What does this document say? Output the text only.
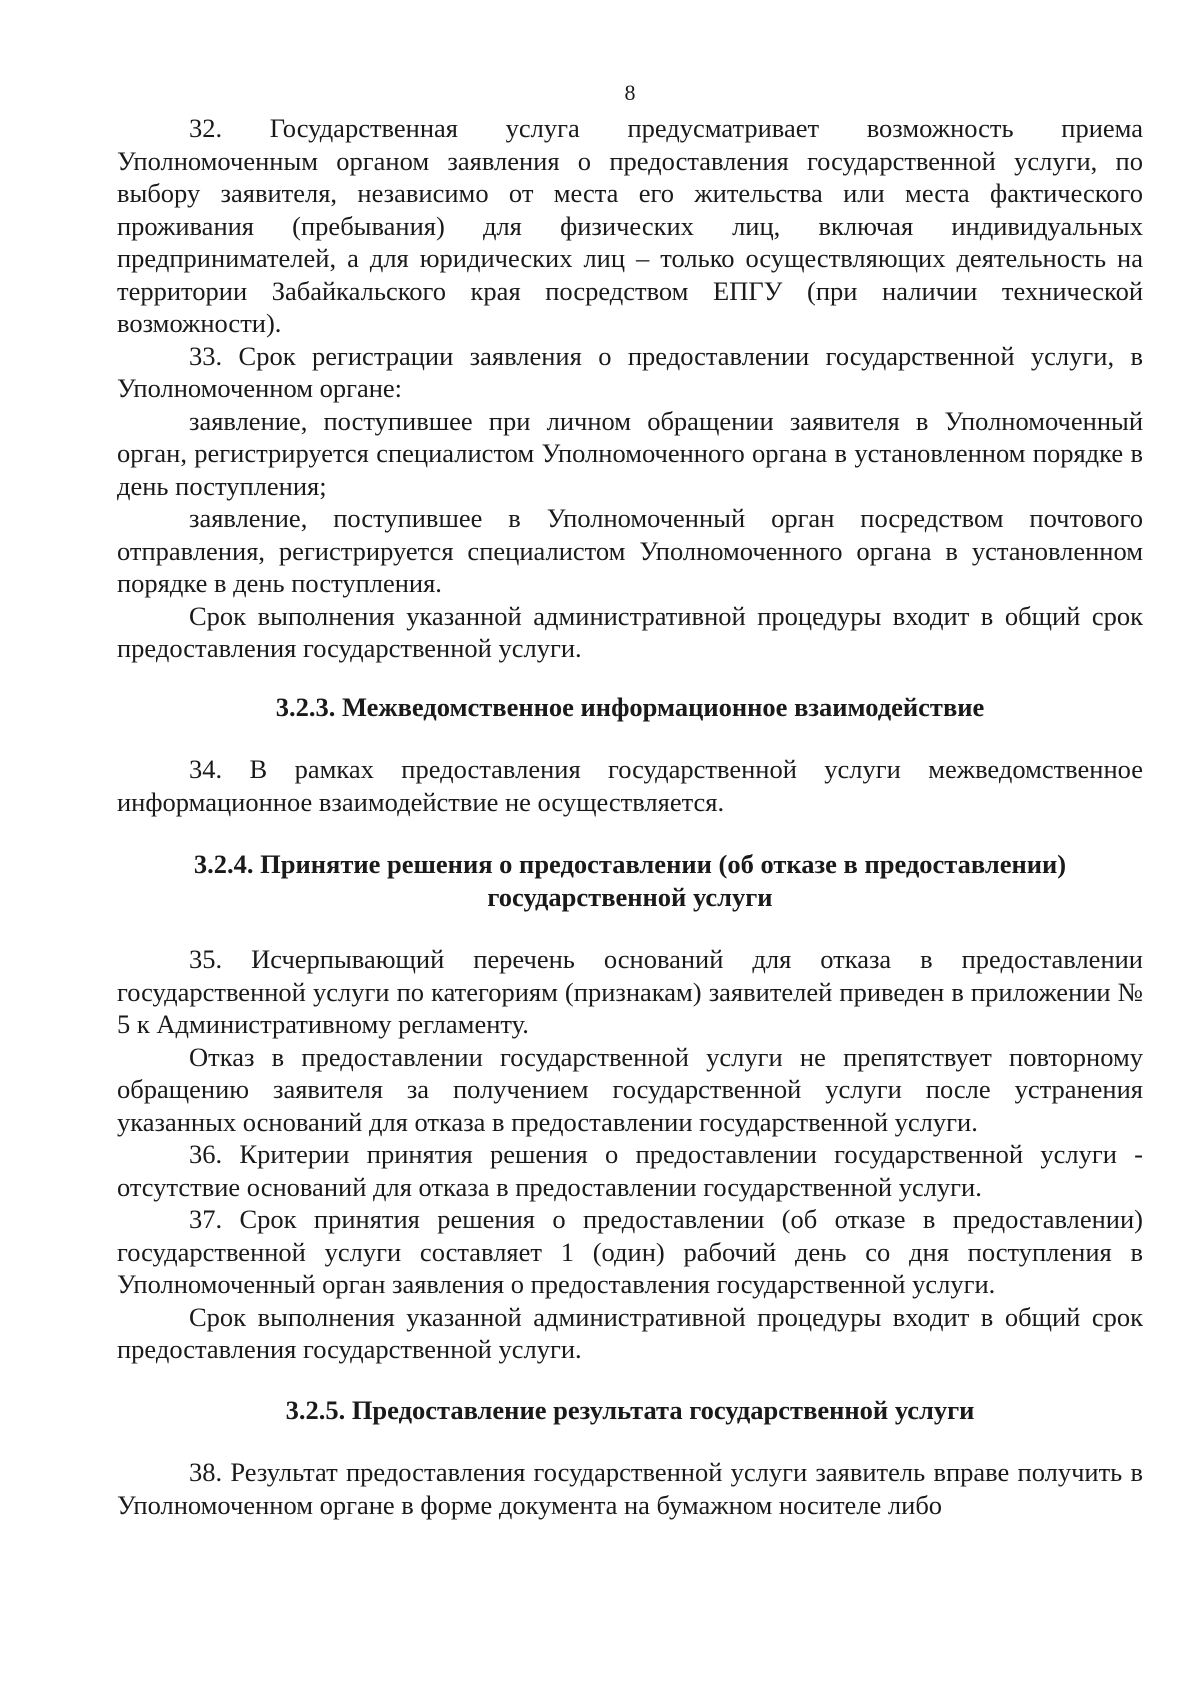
8

32. Государственная услуга предусматривает возможность приема Уполномоченным органом заявления о предоставления государственной услуги, по выбору заявителя, независимо от места его жительства или места фактического проживания (пребывания) для физических лиц, включая индивидуальных предпринимателей, а для юридических лиц – только осуществляющих деятельность на территории Забайкальского края посредством ЕПГУ (при наличии технической возможности).

33. Срок регистрации заявления о предоставлении государственной услуги, в Уполномоченном органе:

заявление, поступившее при личном обращении заявителя в Уполномоченный орган, регистрируется специалистом Уполномоченного органа в установленном порядке в день поступления;

заявление, поступившее в Уполномоченный орган посредством почтового отправления, регистрируется специалистом Уполномоченного органа в установленном порядке в день поступления.

Срок выполнения указанной административной процедуры входит в общий срок предоставления государственной услуги.

3.2.3. Межведомственное информационное взаимодействие

34. В рамках предоставления государственной услуги межведомственное информационное взаимодействие не осуществляется.

3.2.4. Принятие решения о предоставлении (об отказе в предоставлении)

государственной услуги

35. Исчерпывающий перечень оснований для отказа в предоставлении государственной услуги по категориям (признакам) заявителей приведен в приложении № 5 к Административному регламенту.

Отказ в предоставлении государственной услуги не препятствует повторному обращению заявителя за получением государственной услуги после устранения указанных оснований для отказа в предоставлении государственной услуги.

36. Критерии принятия решения о предоставлении государственной услуги - отсутствие оснований для отказа в предоставлении государственной услуги.

37. Срок принятия решения о предоставлении (об отказе в предоставлении) государственной услуги составляет 1 (один) рабочий день со дня поступления в Уполномоченный орган заявления о предоставления государственной услуги.

Срок выполнения указанной административной процедуры входит в общий срок предоставления государственной услуги.

3.2.5. Предоставление результата государственной услуги

38. Результат предоставления государственной услуги заявитель вправе получить в Уполномоченном органе в форме документа на бумажном носителе либо
